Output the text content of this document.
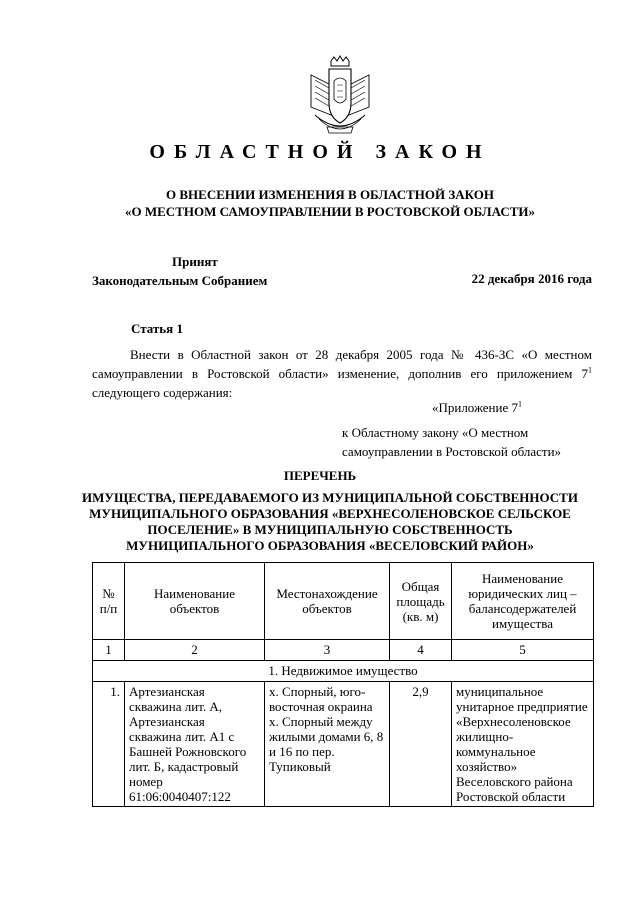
ОБЛАСТНОЙ ЗАКОН
О ВНЕСЕНИИ ИЗМЕНЕНИЯ В ОБЛАСТНОЙ ЗАКОН
«О МЕСТНОМ САМОУПРАВЛЕНИИ В РОСТОВСКОЙ ОБЛАСТИ»
Принят
Законодательным Собранием	22 декабря 2016 года
Статья 1
Внести в Областной закон от 28 декабря 2005 года № 436-ЗС «О местном самоуправлении в Ростовской области» изменение, дополнив его приложением $7^1$ следующего содержания:
«Приложение $7^1$
к Областному закону «О местном
самоуправлении в Ростовской области»
ПЕРЕЧЕНЬ
ИМУЩЕСТВА, ПЕРЕДАВАЕМОГО ИЗ МУНИЦИПАЛЬНОЙ СОБСТВЕННОСТИ
МУНИЦИПАЛЬНОГО ОБРАЗОВАНИЯ «ВЕРХНЕСОЛЕНОВСКОЕ СЕЛЬСКОЕ
ПОСЕЛЕНИЕ» В МУНИЦИПАЛЬНУЮ СОБСТВЕННОСТЬ
МУНИЦИПАЛЬНОГО ОБРАЗОВАНИЯ «ВЕСЕЛОВСКИЙ РАЙОН»
№ п/п	Наименование объектов	Местонахождение объектов	Общая площадь (кв. м)	Наименование юридических лиц – балансодержателей имущества
1	2	3	4	5
1. Недвижимое имущество				
1.	Артезианская скважина лит. А, Артезианская скважина лит. А1 с Башней Рожновского лит. Б, кадастровый номер 61:06:0040407:122	х. Спорный, юго-восточная окраина х. Спорный между жилыми домами 6, 8 и 16 по пер. Тупиковый	2,9	муниципальное унитарное предприятие «Верхнесоленовское жилищно-коммунальное хозяйство» Веселовского района Ростовской области
